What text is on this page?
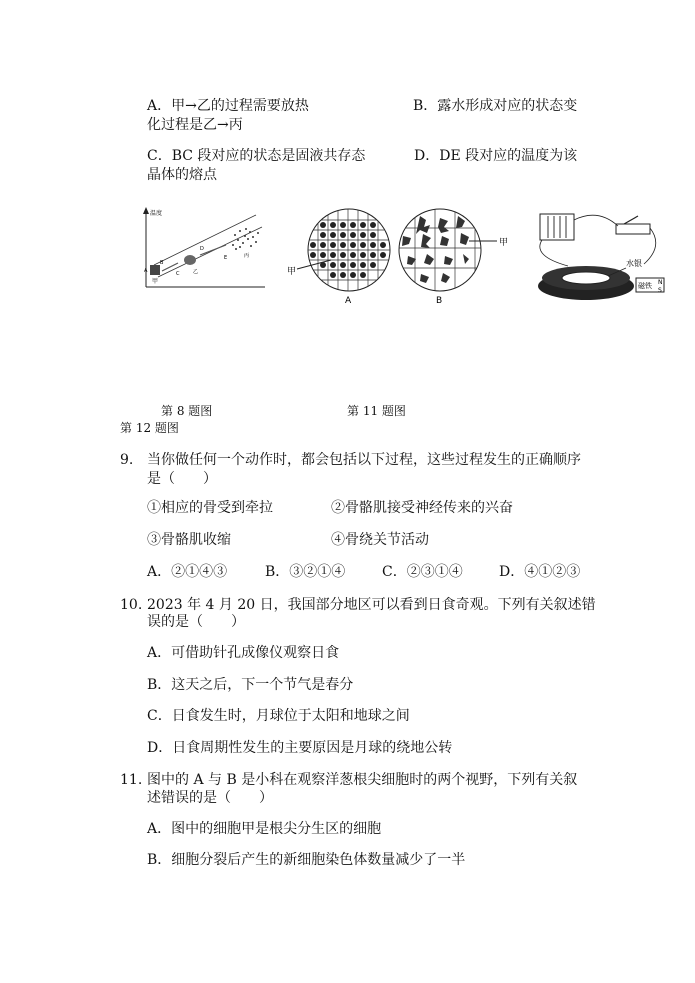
A．甲→乙的过程需要放热	B．露水形成对应的状态变
化过程是乙→丙
C．BC 段对应的状态是固液共存态	D．DE 段对应的温度为该
晶体的熔点
温度
A
甲
B
C	乙
D
E	丙
甲
A
甲
B
水银
磁铁 N
S
第 8 题图	第 11 题图
第 12 题图
9. 当你做任何一个动作时，都会包括以下过程，这些过程发生的正确顺序
是（　　）
①相应的骨受到牵拉	②骨骼肌接受神经传来的兴奋
③骨骼肌收缩	④骨绕关节活动
A．②①④③	B．③②①④	C．②③①④	D．④①②③
10. 2023 年 4 月 20 日，我国部分地区可以看到日食奇观。下列有关叙述错
误的是（　　）
A．可借助针孔成像仪观察日食
B．这天之后，下一个节气是春分
C．日食发生时，月球位于太阳和地球之间
D．日食周期性发生的主要原因是月球的绕地公转
11. 图中的 A 与 B 是小科在观察洋葱根尖细胞时的两个视野，下列有关叙
述错误的是（　　）
A．图中的细胞甲是根尖分生区的细胞
B．细胞分裂后产生的新细胞染色体数量减少了一半
